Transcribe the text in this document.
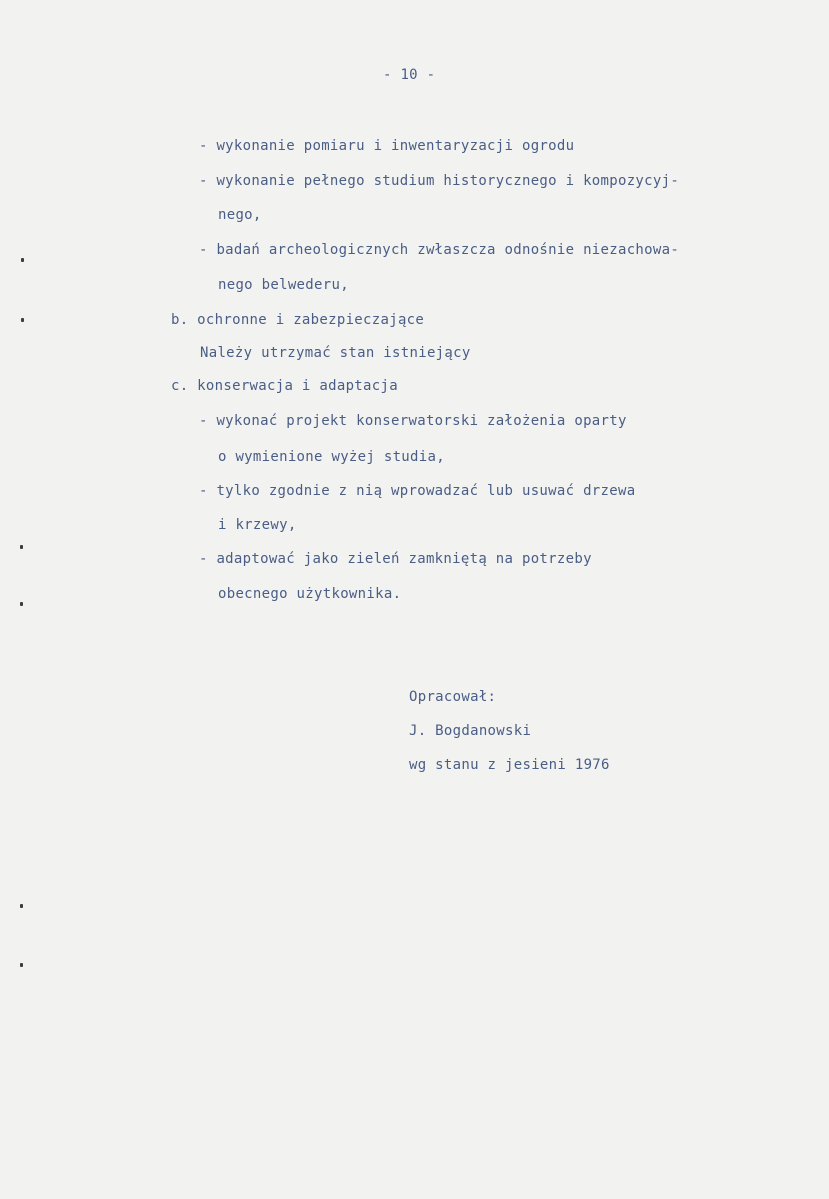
- 10 -
- wykonanie pomiaru i inwentaryzacji ogrodu
- wykonanie pełnego studium historycznego i kompozycyj-
nego,
- badań archeologicznych zwłaszcza odnośnie niezachowa-
nego belwederu,
b. ochronne i zabezpieczające
Należy utrzymać stan istniejący
c. konserwacja i adaptacja
- wykonać projekt konserwatorski założenia oparty
o wymienione wyżej studia,
- tylko zgodnie z nią wprowadzać lub usuwać drzewa
i krzewy,
- adaptować jako zieleń zamkniętą na potrzeby
obecnego użytkownika.
Opracował:
J. Bogdanowski
wg stanu z jesieni 1976
